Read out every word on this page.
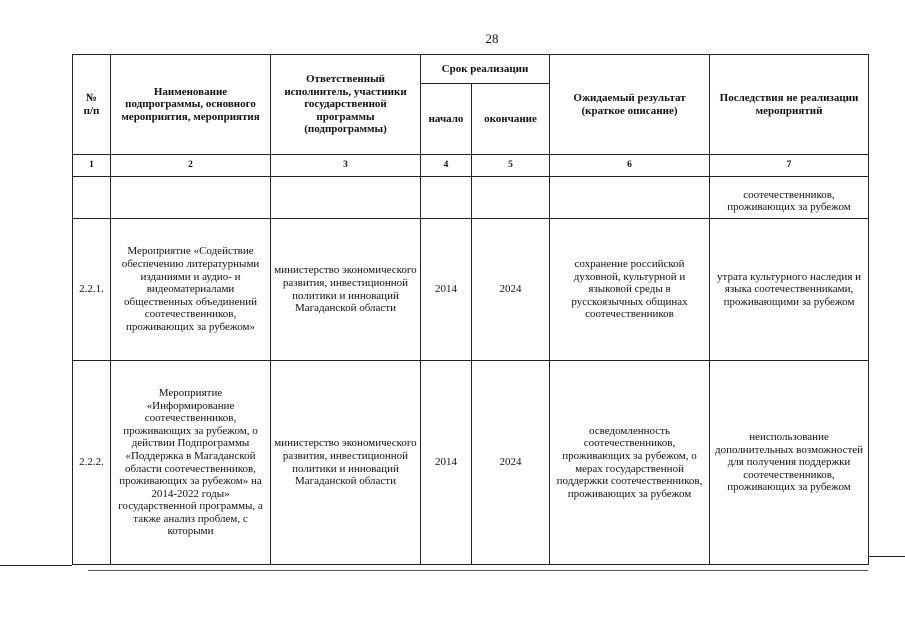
28
№
п/п	Наименование подпрограммы, основного мероприятия, мероприятия	Ответственный исполнитель, участники государственной программы (подпрограммы)	Срок реализации		Ожидаемый результат (краткое описание)	Последствия не реализации мероприятий
			начало	окончание		
1	2	3	4	5	6	7
						соотечественников, проживающих за рубежом
2.2.1.	Мероприятие «Содействие обеспечению литературными изданиями и аудио- и видеоматериалами общественных объединений соотечественников, проживающих за рубежом»	министерство экономического развития, инвестиционной политики и инноваций Магаданской области	2014	2024	сохранение российской духовной, культурной и языковой среды в русскоязычных общинах соотечественников	утрата культурного наследия и языка соотечественниками, проживающими за рубежом
2.2.2.	Мероприятие «Информирование соотечественников, проживающих за рубежом, о действии Подпрограммы «Поддержка в Магаданской области соотечественников, проживающих за рубежом» на 2014-2022 годы» государственной программы, а также анализ проблем, с которыми	министерство экономического развития, инвестиционной политики и инноваций Магаданской области	2014	2024	осведомленность соотечественников, проживающих за рубежом, о мерах государственной поддержки соотечественников, проживающих за рубежом	неиспользование дополнительных возможностей для получения поддержки соотечественников, проживающих за рубежом
